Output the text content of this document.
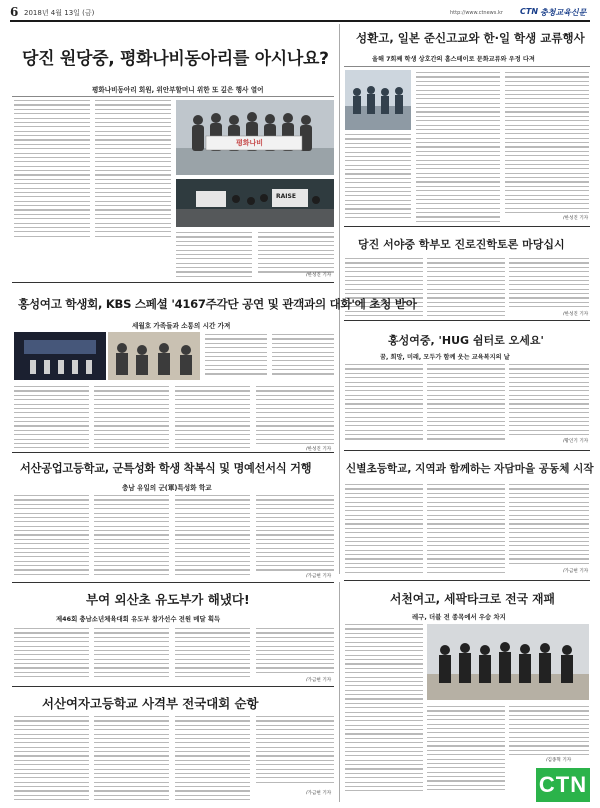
6 2018년 4월 13일 (금)	http://www.ctnews.kr CTN 충청교육신문
당진 원당중, 평화나비동아리를 아시나요?
평화나비동아리 회원, 위안부할머니 위한 또 깊은 행사 열어
평화나비
RAISE
/한성진 기자
성환고, 일본 준신고교와 한·일 학생 교류행사
올해 7회째 학생 상호간의 홈스테이로 문화교류와 우정 다져
/한성진 기자
당진 서야중 학부모 진로진학토론 마당십시
/한성진 기자
홍성여고 학생회, KBS 스페셜 '4167주각단 공연 및 관객과의 대화'에 초청 받아
세월호 가족들과 소통의 시간 가져
/한성진 기자
홍성여중, 'HUG 쉼터로 오세요'
꿈, 희망, 미래, 모두가 함께 웃는 교육복지의 날
/황인기 기자
서산공업고등학교, 군특성화 학생 착복식 및 명예선서식 거행
충남 유일의 군(軍)특성화 학교
/가금현 기자
신별초등학교, 지역과 함께하는 자담마을 공동체 시작
/가금현 기자
부여 외산초 유도부가 해냈다!
제46회 충남소년체육대회 유도부 참가선수 전원 메달 획득
/가금현 기자
서산여자고등학교 사격부 전국대회 순항
/가금현 기자
서천여고, 세팍타크로 전국 재패
레구, 더블 전 종목에서 우승 차지
/김종혁 기자
CTN
